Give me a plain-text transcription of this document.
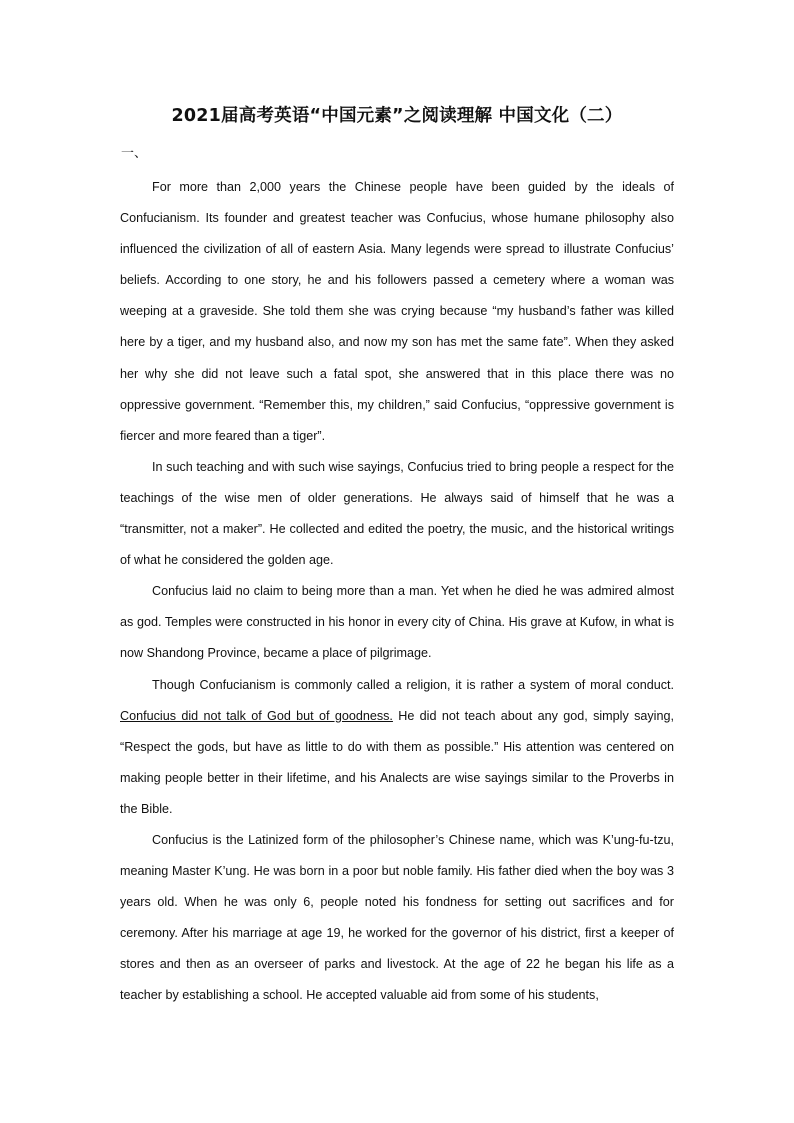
2021届高考英语“中国元素”之阅读理解 中国文化（二）
一、

For more than 2,000 years the Chinese people have been guided by the ideals of Confucianism. Its founder and greatest teacher was Confucius, whose humane philosophy also influenced the civilization of all of eastern Asia. Many legends were spread to illustrate Confucius’ beliefs. According to one story, he and his followers passed a cemetery where a woman was weeping at a graveside. She told them she was crying because “my husband’s father was killed here by a tiger, and my husband also, and now my son has met the same fate”. When they asked her why she did not leave such a fatal spot, she answered that in this place there was no oppressive government. “Remember this, my children,” said Confucius, “oppressive government is fiercer and more feared than a tiger”.

In such teaching and with such wise sayings, Confucius tried to bring people a respect for the teachings of the wise men of older generations. He always said of himself that he was a “transmitter, not a maker”. He collected and edited the poetry, the music, and the historical writings of what he considered the golden age.

Confucius laid no claim to being more than a man. Yet when he died he was admired almost as god. Temples were constructed in his honor in every city of China. His grave at Kufow, in what is now Shandong Province, became a place of pilgrimage.

Though Confucianism is commonly called a religion, it is rather a system of moral conduct. Confucius did not talk of God but of goodness. He did not teach about any god, simply saying, “Respect the gods, but have as little to do with them as possible.” His attention was centered on making people better in their lifetime, and his Analects are wise sayings similar to the Proverbs in the Bible.

Confucius is the Latinized form of the philosopher’s Chinese name, which was K’ung-fu-tzu, meaning Master K’ung. He was born in a poor but noble family. His father died when the boy was 3 years old. When he was only 6, people noted his fondness for setting out sacrifices and for ceremony. After his marriage at age 19, he worked for the governor of his district, first a keeper of stores and then as an overseer of parks and livestock. At the age of 22 he began his life as a teacher by establishing a school. He accepted valuable aid from some of his students,
